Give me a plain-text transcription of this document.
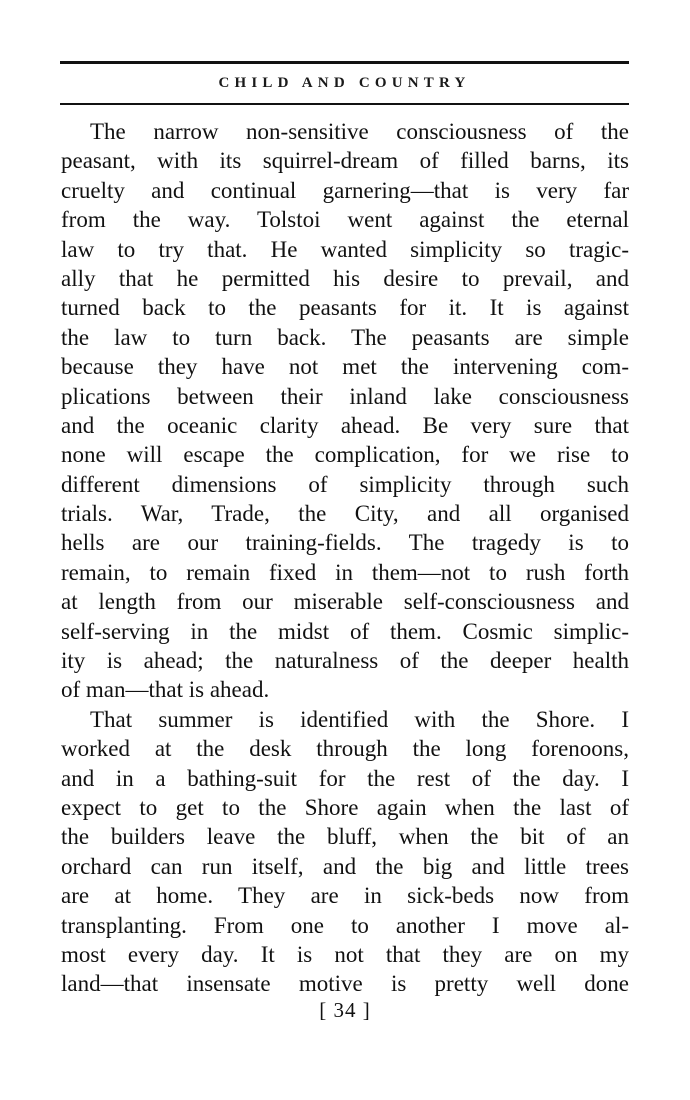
CHILD AND COUNTRY
The narrow non-sensitive consciousness of the
peasant, with its squirrel-dream of filled barns, its
cruelty and continual garnering—that is very far
from the way. Tolstoi went against the eternal
law to try that. He wanted simplicity so tragic-
ally that he permitted his desire to prevail, and
turned back to the peasants for it. It is against
the law to turn back. The peasants are simple
because they have not met the intervening com-
plications between their inland lake consciousness
and the oceanic clarity ahead. Be very sure that
none will escape the complication, for we rise to
different dimensions of simplicity through such
trials. War, Trade, the City, and all organised
hells are our training-fields. The tragedy is to
remain, to remain fixed in them—not to rush forth
at length from our miserable self-consciousness and
self-serving in the midst of them. Cosmic simplic-
ity is ahead; the naturalness of the deeper health
of man—that is ahead.
That summer is identified with the Shore. I
worked at the desk through the long forenoons,
and in a bathing-suit for the rest of the day. I
expect to get to the Shore again when the last of
the builders leave the bluff, when the bit of an
orchard can run itself, and the big and little trees
are at home. They are in sick-beds now from
transplanting. From one to another I move al-
most every day. It is not that they are on my
land—that insensate motive is pretty well done
[ 34 ]
